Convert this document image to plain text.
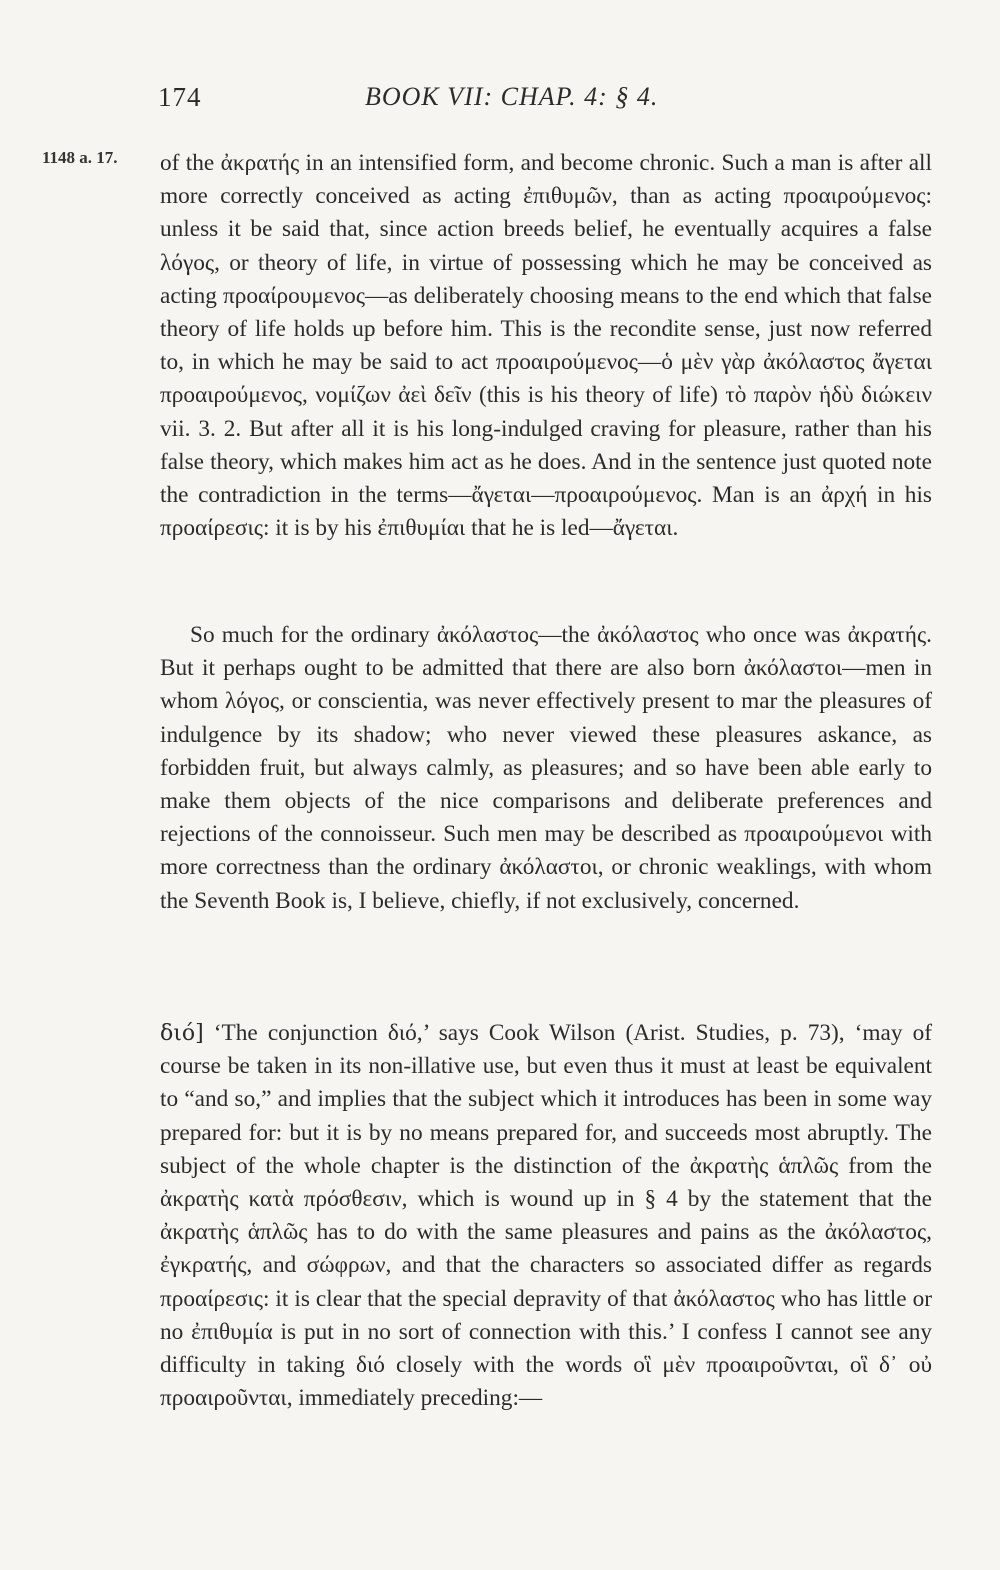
174	BOOK VII: CHAP. 4: § 4.
1148 a. 17. of the ἀκρατής in an intensified form, and become chronic. Such a man is after all more correctly conceived as acting ἐπιθυμῶν, than as acting προαιρούμενος: unless it be said that, since action breeds belief, he eventually acquires a false λόγος, or theory of life, in virtue of possessing which he may be conceived as acting προαίρουμενος—as deliberately choosing means to the end which that false theory of life holds up before him. This is the recondite sense, just now referred to, in which he may be said to act προαιρούμενος—ὁ μὲν γὰρ ἀκόλαστος ἄγεται προαιρούμενος, νομίζων ἀεὶ δεῖν (this is his theory of life) τὸ παρὸν ἡδὺ διώκειν vii. 3. 2. But after all it is his long-indulged craving for pleasure, rather than his false theory, which makes him act as he does. And in the sentence just quoted note the contradiction in the terms—ἄγεται—προαιρούμενος. Man is an ἀρχή in his προαίρεσις: it is by his ἐπιθυμίαι that he is led—ἄγεται.

So much for the ordinary ἀκόλαστος—the ἀκόλαστος who once was ἀκρατής. But it perhaps ought to be admitted that there are also born ἀκόλαστοι—men in whom λόγος, or conscientia, was never effectively present to mar the pleasures of indulgence by its shadow; who never viewed these pleasures askance, as forbidden fruit, but always calmly, as pleasures; and so have been able early to make them objects of the nice comparisons and deliberate preferences and rejections of the connoisseur. Such men may be described as προαιρούμενοι with more correctness than the ordinary ἀκόλαστοι, or chronic weaklings, with whom the Seventh Book is, I believe, chiefly, if not exclusively, concerned.

διό] ‘The conjunction διό,’ says Cook Wilson (Arist. Studies, p. 73), ‘may of course be taken in its non-illative use, but even thus it must at least be equivalent to “and so,” and implies that the subject which it introduces has been in some way prepared for: but it is by no means prepared for, and succeeds most abruptly. The subject of the whole chapter is the distinction of the ἀκρατὴς ἁπλῶς from the ἀκρατὴς κατὰ πρόσθεσιν, which is wound up in § 4 by the statement that the ἀκρατὴς ἁπλῶς has to do with the same pleasures and pains as the ἀκόλαστος, ἐγκρατής, and σώφρων, and that the characters so associated differ as regards προαίρεσις: it is clear that the special depravity of that ἀκόλαστος who has little or no ἐπιθυμία is put in no sort of connection with this.’ I confess I cannot see any difficulty in taking διό closely with the words οἳ μὲν προαιροῦνται, οἳ δ᾽ οὐ προαιροῦνται, immediately preceding:—
